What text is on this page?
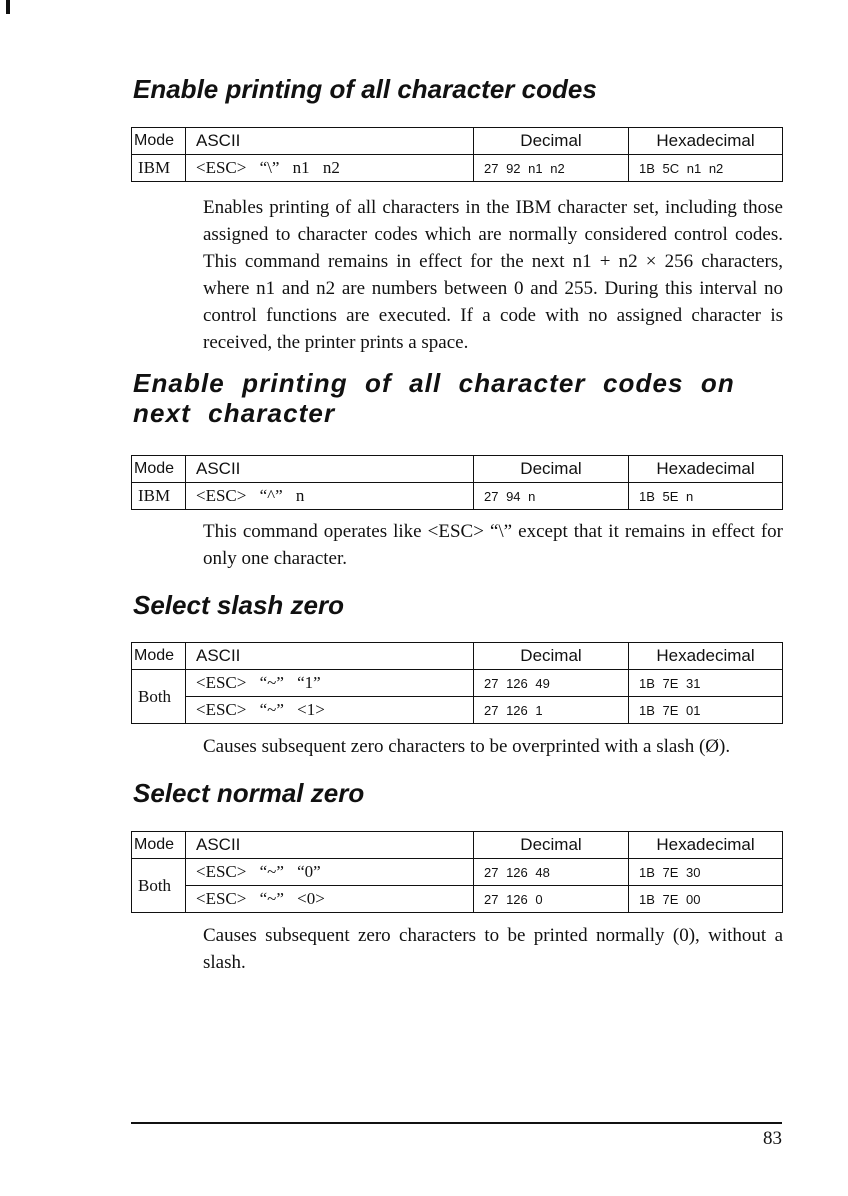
Enable printing of all character codes
Mode	ASCII	Decimal	Hexadecimal
IBM	<ESC> “\” n1 n2	27 92 n1 n2	1B 5C n1 n2

Enables printing of all characters in the IBM character set, including those assigned to character codes which are normally considered control codes. This command remains in effect for the next n1 + n2 × 256 characters, where n1 and n2 are numbers between 0 and 255. During this interval no control functions are executed. If a code with no assigned character is received, the printer prints a space.

Enable printing of all character codes on next character
Mode	ASCII	Decimal	Hexadecimal
IBM	<ESC> “^” n	27 94 n	1B 5E n

This command operates like <ESC> “\” except that it remains in effect for only one character.

Select slash zero
Mode	ASCII	Decimal	Hexadecimal
Both	<ESC> “~” “1”	27 126 49	1B 7E 31
	<ESC> “~” <1>	27 126 1	1B 7E 01

Causes subsequent zero characters to be overprinted with a slash (Ø).

Select normal zero
Mode	ASCII	Decimal	Hexadecimal
Both	<ESC> “~” “0”	27 126 48	1B 7E 30
	<ESC> “~” <0>	27 126 0	1B 7E 00

Causes subsequent zero characters to be printed normally (0), without a slash.

83
